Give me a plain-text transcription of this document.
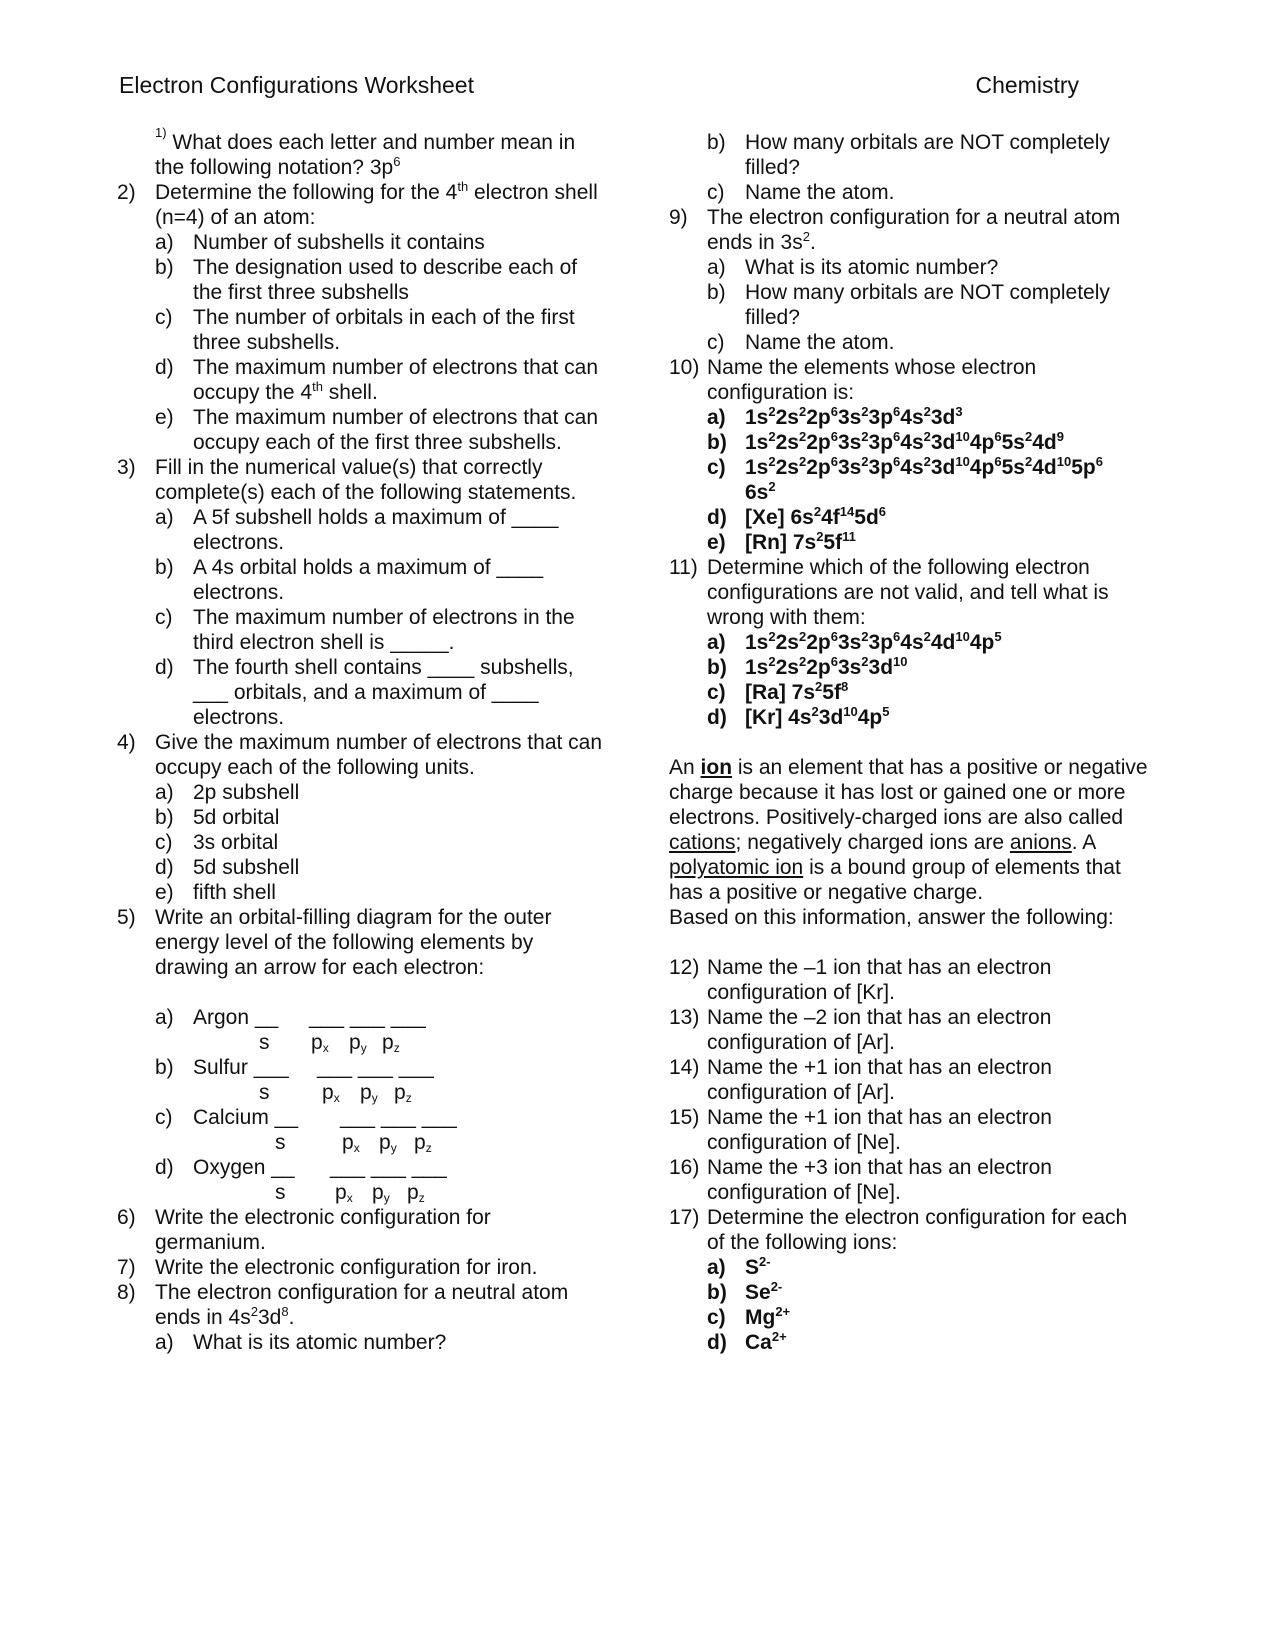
Electron Configurations Worksheet	Chemistry
$^{1)}$ What does each letter and number mean in the following notation? $3p^6$
2) Determine the following for the 4th electron shell (n=4) of an atom:
a) Number of subshells it contains
b) The designation used to describe each of the first three subshells
c) The number of orbitals in each of the first three subshells.
d) The maximum number of electrons that can occupy the 4th shell.
e) The maximum number of electrons that can occupy each of the first three subshells.
3) Fill in the numerical value(s) that correctly complete(s) each of the following statements.
a) A 5f subshell holds a maximum of ____ electrons.
b) A 4s orbital holds a maximum of ____ electrons.
c) The maximum number of electrons in the third electron shell is _____.
d) The fourth shell contains ____ subshells, ___ orbitals, and a maximum of ____ electrons.
4) Give the maximum number of electrons that can occupy each of the following units.
a) 2p subshell
b) 5d orbital
c) 3s orbital
d) 5d subshell
e) fifth shell
5) Write an orbital-filling diagram for the outer energy level of the following elements by drawing an arrow for each electron:
a) Argon __ ___ ___ ___
s $p_x$ $p_y$ $p_z$
b) Sulfur ___ ___ ___ ___
s	$p_x$ $p_y$ $p_z$
c) Calcium __ ___ ___ ___
s	$p_x$ $p_y$ $p_z$
d) Oxygen __ ___ ___ ___
s $p_x$ $p_y$ $p_z$
6) Write the electronic configuration for germanium.
7) Write the electronic configuration for iron.
8) The electron configuration for a neutral atom ends in $4s^23d^8$.
a) What is its atomic number?
b) How many orbitals are NOT completely filled?
c) Name the atom.
9) The electron configuration for a neutral atom ends in $3s^2$.
a) What is its atomic number?
b) How many orbitals are NOT completely filled?
c) Name the atom.
10) Name the elements whose electron configuration is:
a) $1s^22s^22p^63s^23p^64s^23d^3$
b) $1s^22s^22p^63s^23p^64s^23d^{10}4p^65s^24d^9$
c) $1s^22s^22p^63s^23p^64s^23d^{10}4p^65s^24d^{10}5p^6$
$6s^2$
d) [Xe] $6s^24f^{14}5d^6$
e) [Rn] $7s^25f^{11}$
11) Determine which of the following electron configurations are not valid, and tell what is wrong with them:
a) $1s^22s^22p^63s^23p^64s^24d^{10}4p^5$
b) $1s^22s^22p^63s^23d^{10}$
c) [Ra] $7s^25f^8$
d) [Kr] $4s^23d^{10}4p^5$

An ion is an element that has a positive or negative charge because it has lost or gained one or more electrons. Positively-charged ions are also called cations; negatively charged ions are anions. A polyatomic ion is a bound group of elements that has a positive or negative charge.

Based on this information, answer the following:
12) Name the –1 ion that has an electron configuration of [Kr].
13) Name the –2 ion that has an electron configuration of [Ar].
14) Name the +1 ion that has an electron configuration of [Ar].
15) Name the +1 ion that has an electron configuration of [Ne].
16) Name the +3 ion that has an electron configuration of [Ne].
17) Determine the electron configuration for each of the following ions:
a) $S^{2-}$
b) $Se^{2-}$
c) $Mg^{2+}$
d) $Ca^{2+}$
